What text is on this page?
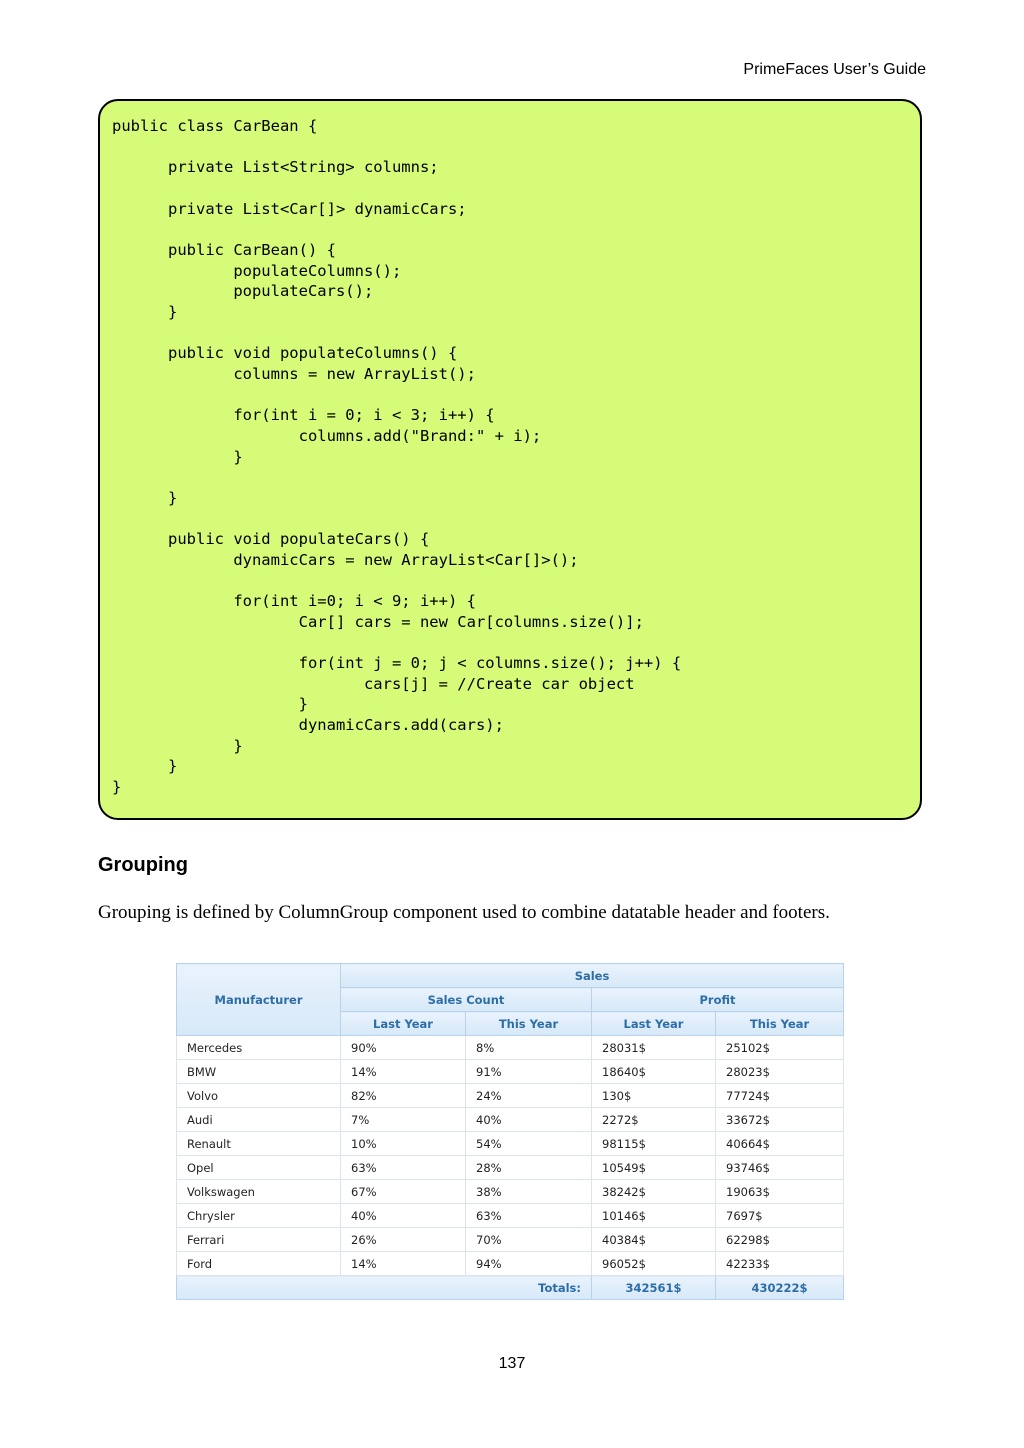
PrimeFaces User’s Guide
public class CarBean {

private List<String> columns;

private List<Car[]> dynamicCars;

public CarBean() {
populateColumns();
populateCars();
}

public void populateColumns() {
columns = new ArrayList();

for(int i = 0; i < 3; i++) {
columns.add("Brand:" + i);
}

}

public void populateCars() {
dynamicCars = new ArrayList<Car[]>();

for(int i=0; i < 9; i++) {
Car[] cars = new Car[columns.size()];

for(int j = 0; j < columns.size(); j++) {
cars[j] = //Create car object
}
dynamicCars.add(cars);
}
}
}

Grouping

Grouping is defined by ColumnGroup component used to combine datatable header and footers.

Manufacturer	Sales			
	Sales Count		Profit	
	Last Year	This Year	Last Year	This Year
Mercedes	90%	8%	28031$	25102$
BMW	14%	91%	18640$	28023$
Volvo	82%	24%	130$	77724$
Audi	7%	40%	2272$	33672$
Renault	10%	54%	98115$	40664$
Opel	63%	28%	10549$	93746$
Volkswagen	67%	38%	38242$	19063$
Chrysler	40%	63%	10146$	7697$
Ferrari	26%	70%	40384$	62298$
Ford	14%	94%	96052$	42233$
Totals:			342561$	430222$
137
